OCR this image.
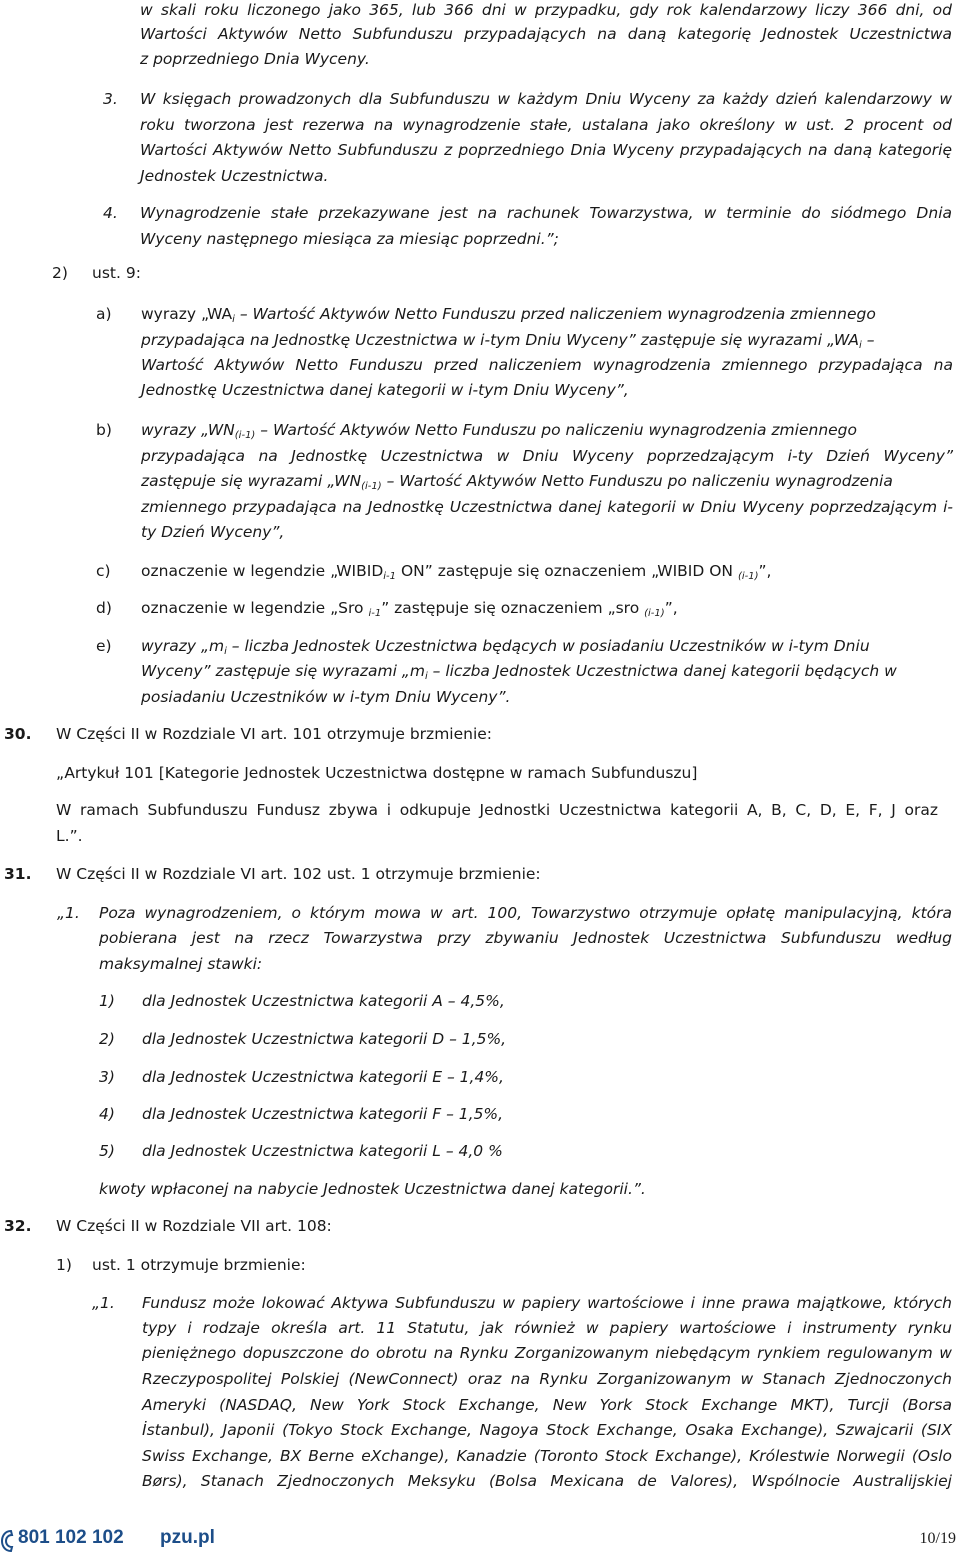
w skali roku liczonego jako 365, lub 366 dni w przypadku, gdy rok kalendarzowy liczy 366 dni, od
Wartości Aktywów Netto Subfunduszu przypadających na daną kategorię Jednostek Uczestnictwa
z poprzedniego Dnia Wyceny.
3. W księgach prowadzonych dla Subfunduszu w każdym Dniu Wyceny za każdy dzień kalendarzowy w
roku tworzona jest rezerwa na wynagrodzenie stałe, ustalana jako określony w ust. 2 procent od
Wartości Aktywów Netto Subfunduszu z poprzedniego Dnia Wyceny przypadających na daną kategorię
Jednostek Uczestnictwa.
4. Wynagrodzenie stałe przekazywane jest na rachunek Towarzystwa, w terminie do siódmego Dnia
Wyceny następnego miesiąca za miesiąc poprzedni.”;
2) ust. 9:
a) wyrazy $„WA_i$ – Wartość Aktywów Netto Funduszu przed naliczeniem wynagrodzenia zmiennego
przypadająca na Jednostkę Uczestnictwa w i-tym Dniu Wyceny” zastępuje się wyrazami $„WA_i$ –
Wartość Aktywów Netto Funduszu przed naliczeniem wynagrodzenia zmiennego przypadająca na
Jednostkę Uczestnictwa danej kategorii w i-tym Dniu Wyceny”,
b) wyrazy $„WN_{(i-1)}$ – Wartość Aktywów Netto Funduszu po naliczeniu wynagrodzenia zmiennego
przypadająca na Jednostkę Uczestnictwa w Dniu Wyceny poprzedzającym i-ty Dzień Wyceny”
zastępuje się wyrazami $„WN_{(i-1)}$ – Wartość Aktywów Netto Funduszu po naliczeniu wynagrodzenia
zmiennego przypadająca na Jednostkę Uczestnictwa danej kategorii w Dniu Wyceny poprzedzającym i-
ty Dzień Wyceny”,
c) oznaczenie w legendzie $„WIBID_{i-1}$ ON” zastępuje się oznaczeniem „WIBID ON $_{(i-1)}$”,
d) oznaczenie w legendzie „Sro $_{i-1}$” zastępuje się oznaczeniem „sro $_{(i-1)}$”,
e) wyrazy $„m_i$ – liczba Jednostek Uczestnictwa będących w posiadaniu Uczestników w i-tym Dniu
Wyceny” zastępuje się wyrazami $„m_i$ – liczba Jednostek Uczestnictwa danej kategorii będących w
posiadaniu Uczestników w i-tym Dniu Wyceny”.
30. W Części II w Rozdziale VI art. 101 otrzymuje brzmienie:
„Artykuł 101 [Kategorie Jednostek Uczestnictwa dostępne w ramach Subfunduszu]
W ramach Subfunduszu Fundusz zbywa i odkupuje Jednostki Uczestnictwa kategorii A, B, C, D, E, F, J oraz
L.”.
31. W Części II w Rozdziale VI art. 102 ust. 1 otrzymuje brzmienie:
„1. Poza wynagrodzeniem, o którym mowa w art. 100, Towarzystwo otrzymuje opłatę manipulacyjną, która
pobierana jest na rzecz Towarzystwa przy zbywaniu Jednostek Uczestnictwa Subfunduszu według
maksymalnej stawki:
1) dla Jednostek Uczestnictwa kategorii A – 4,5%,
2) dla Jednostek Uczestnictwa kategorii D – 1,5%,
3) dla Jednostek Uczestnictwa kategorii E – 1,4%,
4) dla Jednostek Uczestnictwa kategorii F – 1,5%,
5) dla Jednostek Uczestnictwa kategorii L – 4,0 %
kwoty wpłaconej na nabycie Jednostek Uczestnictwa danej kategorii.”.
32. W Części II w Rozdziale VII art. 108:
1) ust. 1 otrzymuje brzmienie:
„1. Fundusz może lokować Aktywa Subfunduszu w papiery wartościowe i inne prawa majątkowe, których
typy i rodzaje określa art. 11 Statutu, jak również w papiery wartościowe i instrumenty rynku
pieniężnego dopuszczone do obrotu na Rynku Zorganizowanym niebędącym rynkiem regulowanym w
Rzeczypospolitej Polskiej (NewConnect) oraz na Rynku Zorganizowanym w Stanach Zjednoczonych
Ameryki (NASDAQ, New York Stock Exchange, New York Stock Exchange MKT), Turcji (Borsa
İstanbul), Japonii (Tokyo Stock Exchange, Nagoya Stock Exchange, Osaka Exchange), Szwajcarii (SIX
Swiss Exchange, BX Berne eXchange), Kanadzie (Toronto Stock Exchange), Królestwie Norwegii (Oslo
Børs), Stanach Zjednoczonych Meksyku (Bolsa Mexicana de Valores), Wspólnocie Australijskiej
801 102 102 pzu.pl	10/19
